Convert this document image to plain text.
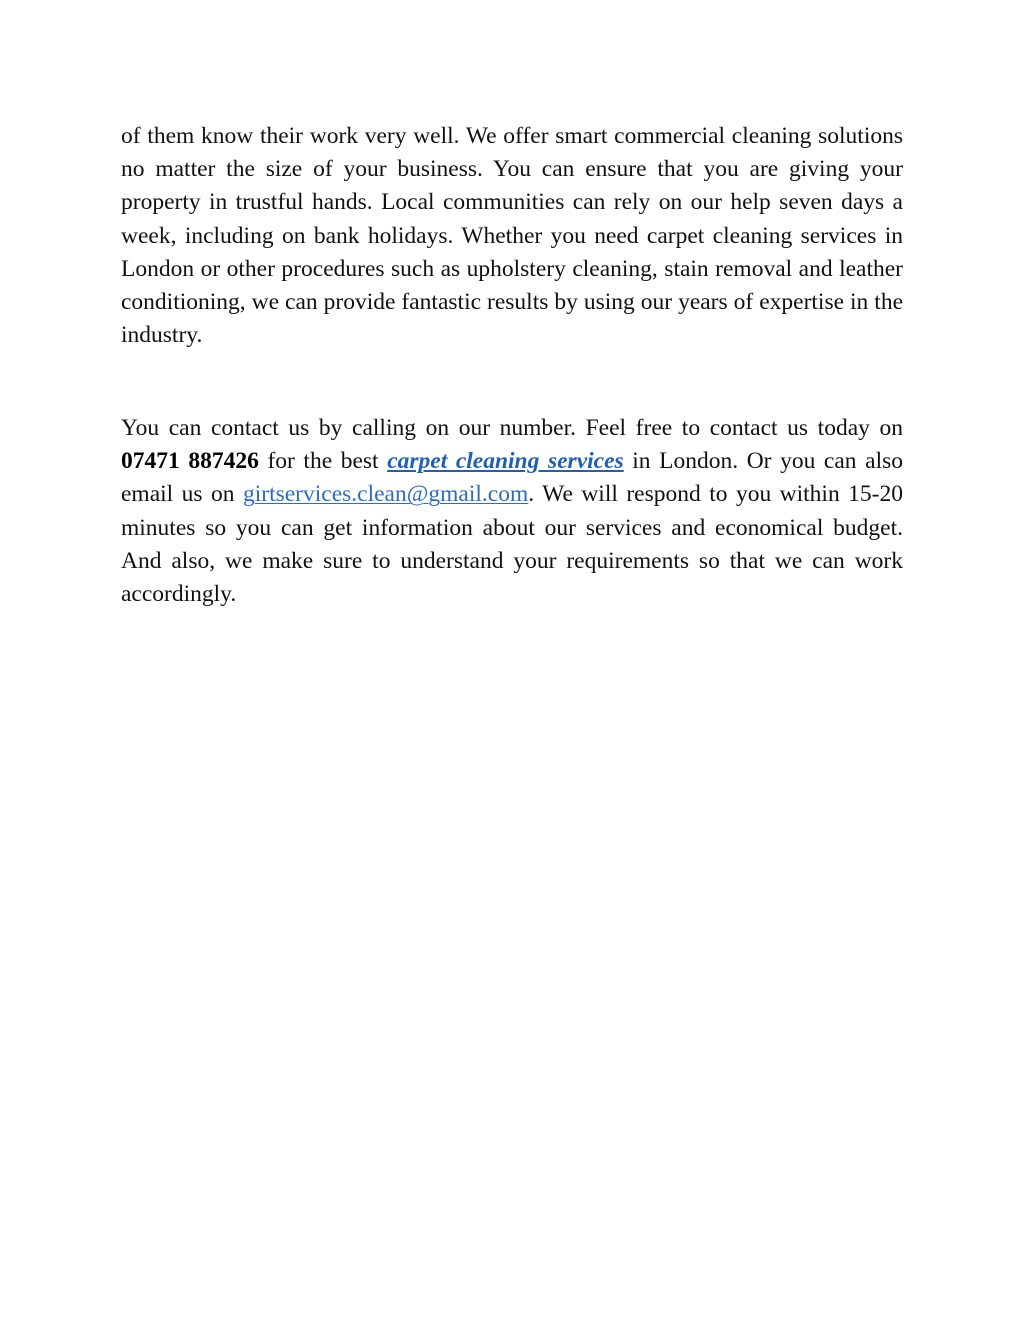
of them know their work very well. We offer smart commercial cleaning solutions no matter the size of your business. You can ensure that you are giving your property in trustful hands. Local communities can rely on our help seven days a week, including on bank holidays. Whether you need carpet cleaning services in London or other procedures such as upholstery cleaning, stain removal and leather conditioning, we can provide fantastic results by using our years of expertise in the industry.

You can contact us by calling on our number. Feel free to contact us today on 07471 887426 for the best carpet cleaning services in London. Or you can also email us on girtservices.clean@gmail.com. We will respond to you within 15-20 minutes so you can get information about our services and economical budget. And also, we make sure to understand your requirements so that we can work accordingly.
